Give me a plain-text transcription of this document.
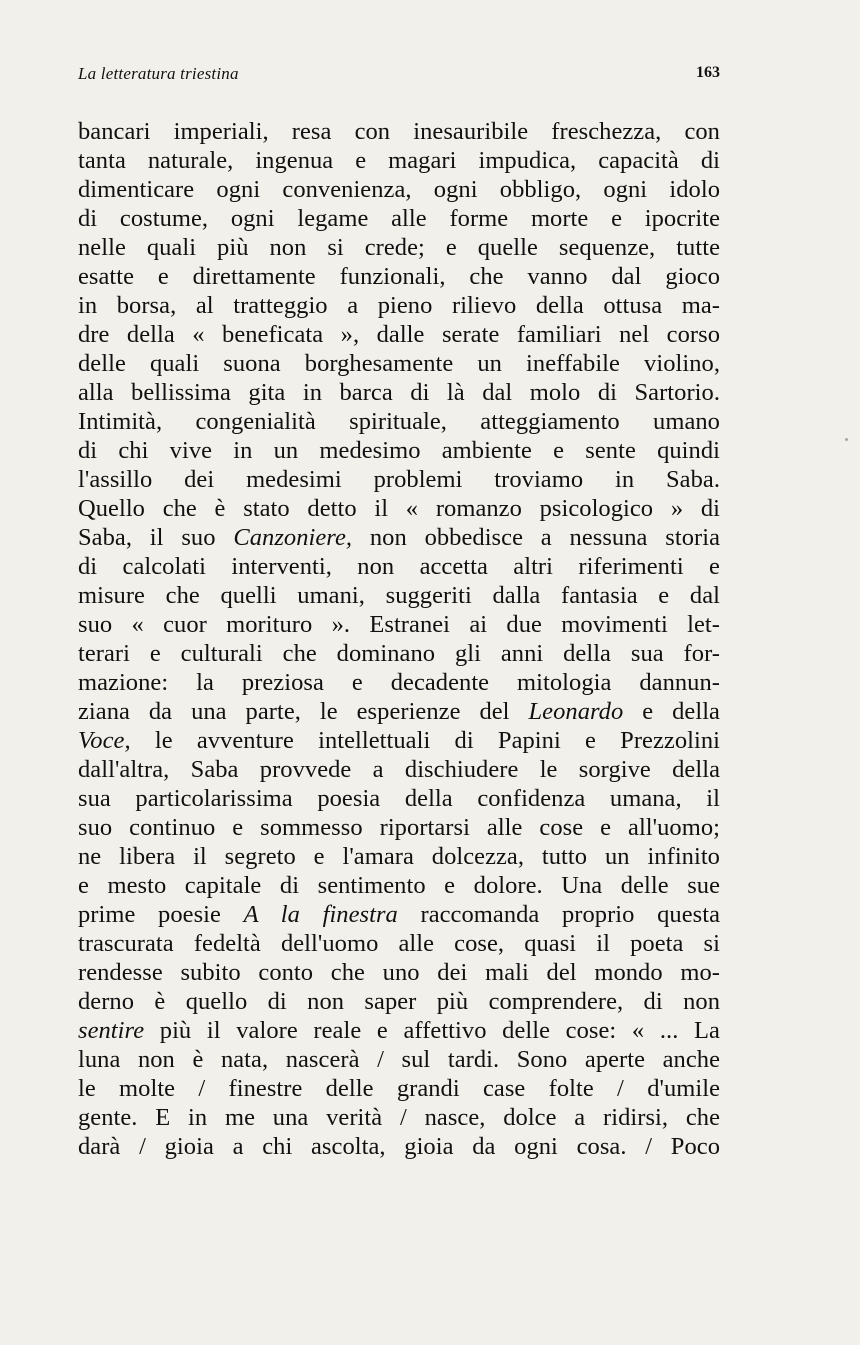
La letteratura triestina	163
bancari imperiali, resa con inesauribile freschezza, con
tanta naturale, ingenua e magari impudica, capacità di
dimenticare ogni convenienza, ogni obbligo, ogni idolo
di costume, ogni legame alle forme morte e ipocrite
nelle quali più non si crede; e quelle sequenze, tutte
esatte e direttamente funzionali, che vanno dal gioco
in borsa, al tratteggio a pieno rilievo della ottusa ma-
dre della « beneficata », dalle serate familiari nel corso
delle quali suona borghesamente un ineffabile violino,
alla bellissima gita in barca di là dal molo di Sartorio.
Intimità, congenialità spirituale, atteggiamento umano
di chi vive in un medesimo ambiente e sente quindi
l'assillo dei medesimi problemi troviamo in Saba.
Quello che è stato detto il « romanzo psicologico » di
Saba, il suo Canzoniere, non obbedisce a nessuna storia
di calcolati interventi, non accetta altri riferimenti e
misure che quelli umani, suggeriti dalla fantasia e dal
suo « cuor morituro ». Estranei ai due movimenti let-
terari e culturali che dominano gli anni della sua for-
mazione: la preziosa e decadente mitologia dannun-
ziana da una parte, le esperienze del Leonardo e della
Voce, le avventure intellettuali di Papini e Prezzolini
dall'altra, Saba provvede a dischiudere le sorgive della
sua particolarissima poesia della confidenza umana, il
suo continuo e sommesso riportarsi alle cose e all'uomo;
ne libera il segreto e l'amara dolcezza, tutto un infinito
e mesto capitale di sentimento e dolore. Una delle sue
prime poesie A la finestra raccomanda proprio questa
trascurata fedeltà dell'uomo alle cose, quasi il poeta si
rendesse subito conto che uno dei mali del mondo mo-
derno è quello di non saper più comprendere, di non
sentire più il valore reale e affettivo delle cose: « ... La
luna non è nata, nascerà / sul tardi. Sono aperte anche
le molte / finestre delle grandi case folte / d'umile
gente. E in me una verità / nasce, dolce a ridirsi, che
darà / gioia a chi ascolta, gioia da ogni cosa. / Poco
